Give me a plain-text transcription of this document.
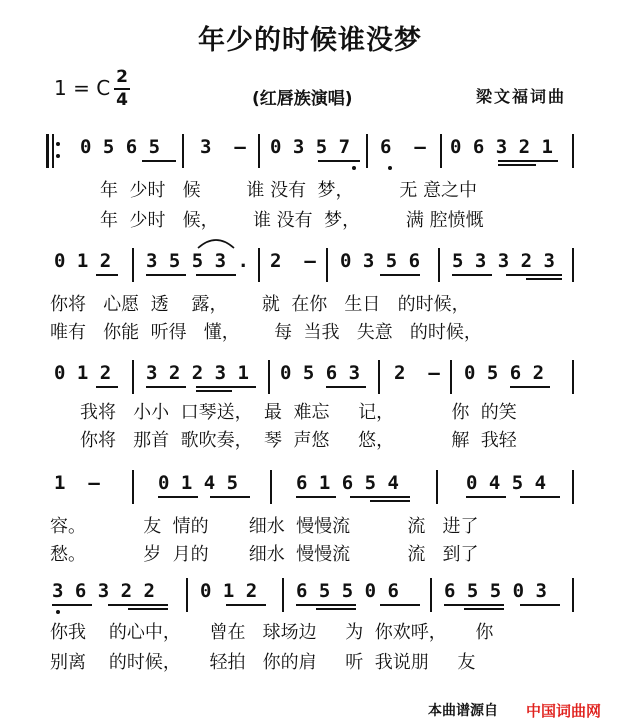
年少的时候谁没梦
1 = C 2
4	(红唇族演唱)	梁文福词曲
0 5 6 5 3  — 0 3 5 7 6  — 0 6 3 2 1
年  少时   候        谁 没有  梦，        无 意之中
年  少时   候，      谁 没有  梦，        满 腔愤慨
0 1 2 3 5 5 3 . 2  — 0 3 5 6 5 3 3 2 3
你将   心愿  透    露，      就  在你   生日   的时候，
唯有   你能  听得   懂，      每  当我   失意   的时候，
0 1 2 3 2 2 3 1 0 5 6 3 2  — 0 5 6 2
我将   小小  口琴送，  最  难忘     记，          你  的笑
你将   那首  歌吹奏，  琴  声悠     悠，          解  我轻
1  —	0 1 4 5	6 1 6 5 4	0 4 5 4
容。          友  情的       细水  慢慢流          流   进了
愁。          岁  月的       细水  慢慢流          流   到了
3 6 3 2 2 0 1 2 6 5 5 0 6 6 5 5 0 3
你我    的心中，     曾在   球场边     为  你欢呼，     你
别离    的时候，     轻拍   你的肩     听  我说朋     友
本曲谱源自 中国词曲网
